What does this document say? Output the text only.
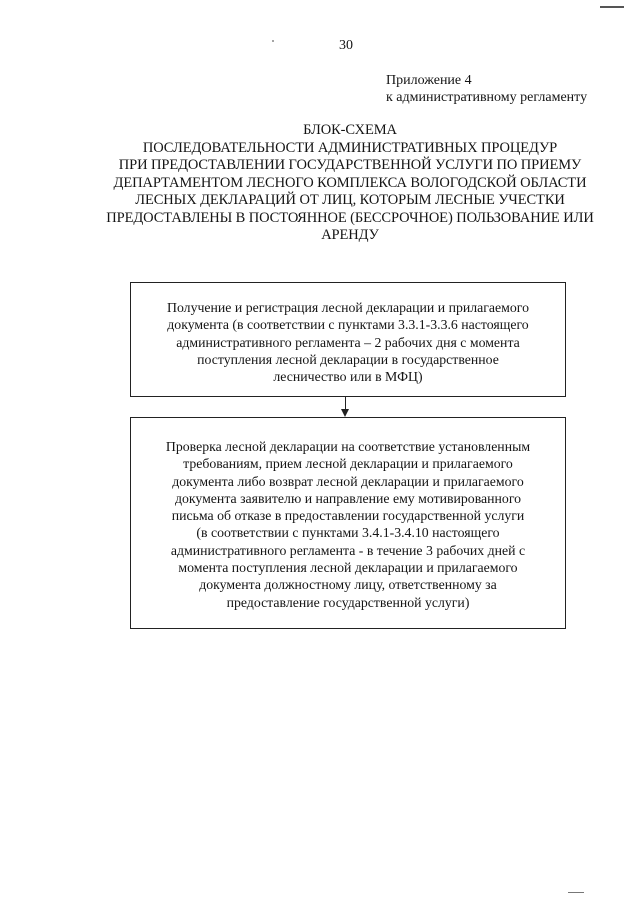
30
Приложение 4
к административному регламенту
БЛОК-СХЕМА
ПОСЛЕДОВАТЕЛЬНОСТИ АДМИНИСТРАТИВНЫХ ПРОЦЕДУР
ПРИ ПРЕДОСТАВЛЕНИИ ГОСУДАРСТВЕННОЙ УСЛУГИ ПО ПРИЕМУ
ДЕПАРТАМЕНТОМ ЛЕСНОГО КОМПЛЕКСА ВОЛОГОДСКОЙ ОБЛАСТИ
ЛЕСНЫХ ДЕКЛАРАЦИЙ ОТ ЛИЦ, КОТОРЫМ ЛЕСНЫЕ УЧЕСТКИ
ПРЕДОСТАВЛЕНЫ В ПОСТОЯННОЕ (БЕССРОЧНОЕ) ПОЛЬЗОВАНИЕ ИЛИ
АРЕНДУ
Получение и регистрация лесной декларации и прилагаемого
документа (в соответствии с пунктами 3.3.1-3.3.6 настоящего
административного регламента – 2 рабочих дня с момента
поступления лесной декларации в государственное
лесничество или в МФЦ)
Проверка лесной декларации на соответствие установленным
требованиям, прием лесной декларации и прилагаемого
документа либо возврат лесной декларации и прилагаемого
документа заявителю и направление ему мотивированного
письма об отказе в предоставлении государственной услуги
(в соответствии с пунктами 3.4.1-3.4.10 настоящего
административного регламента - в течение 3 рабочих дней с
момента поступления лесной декларации и прилагаемого
документа должностному лицу, ответственному за
предоставление государственной услуги)
